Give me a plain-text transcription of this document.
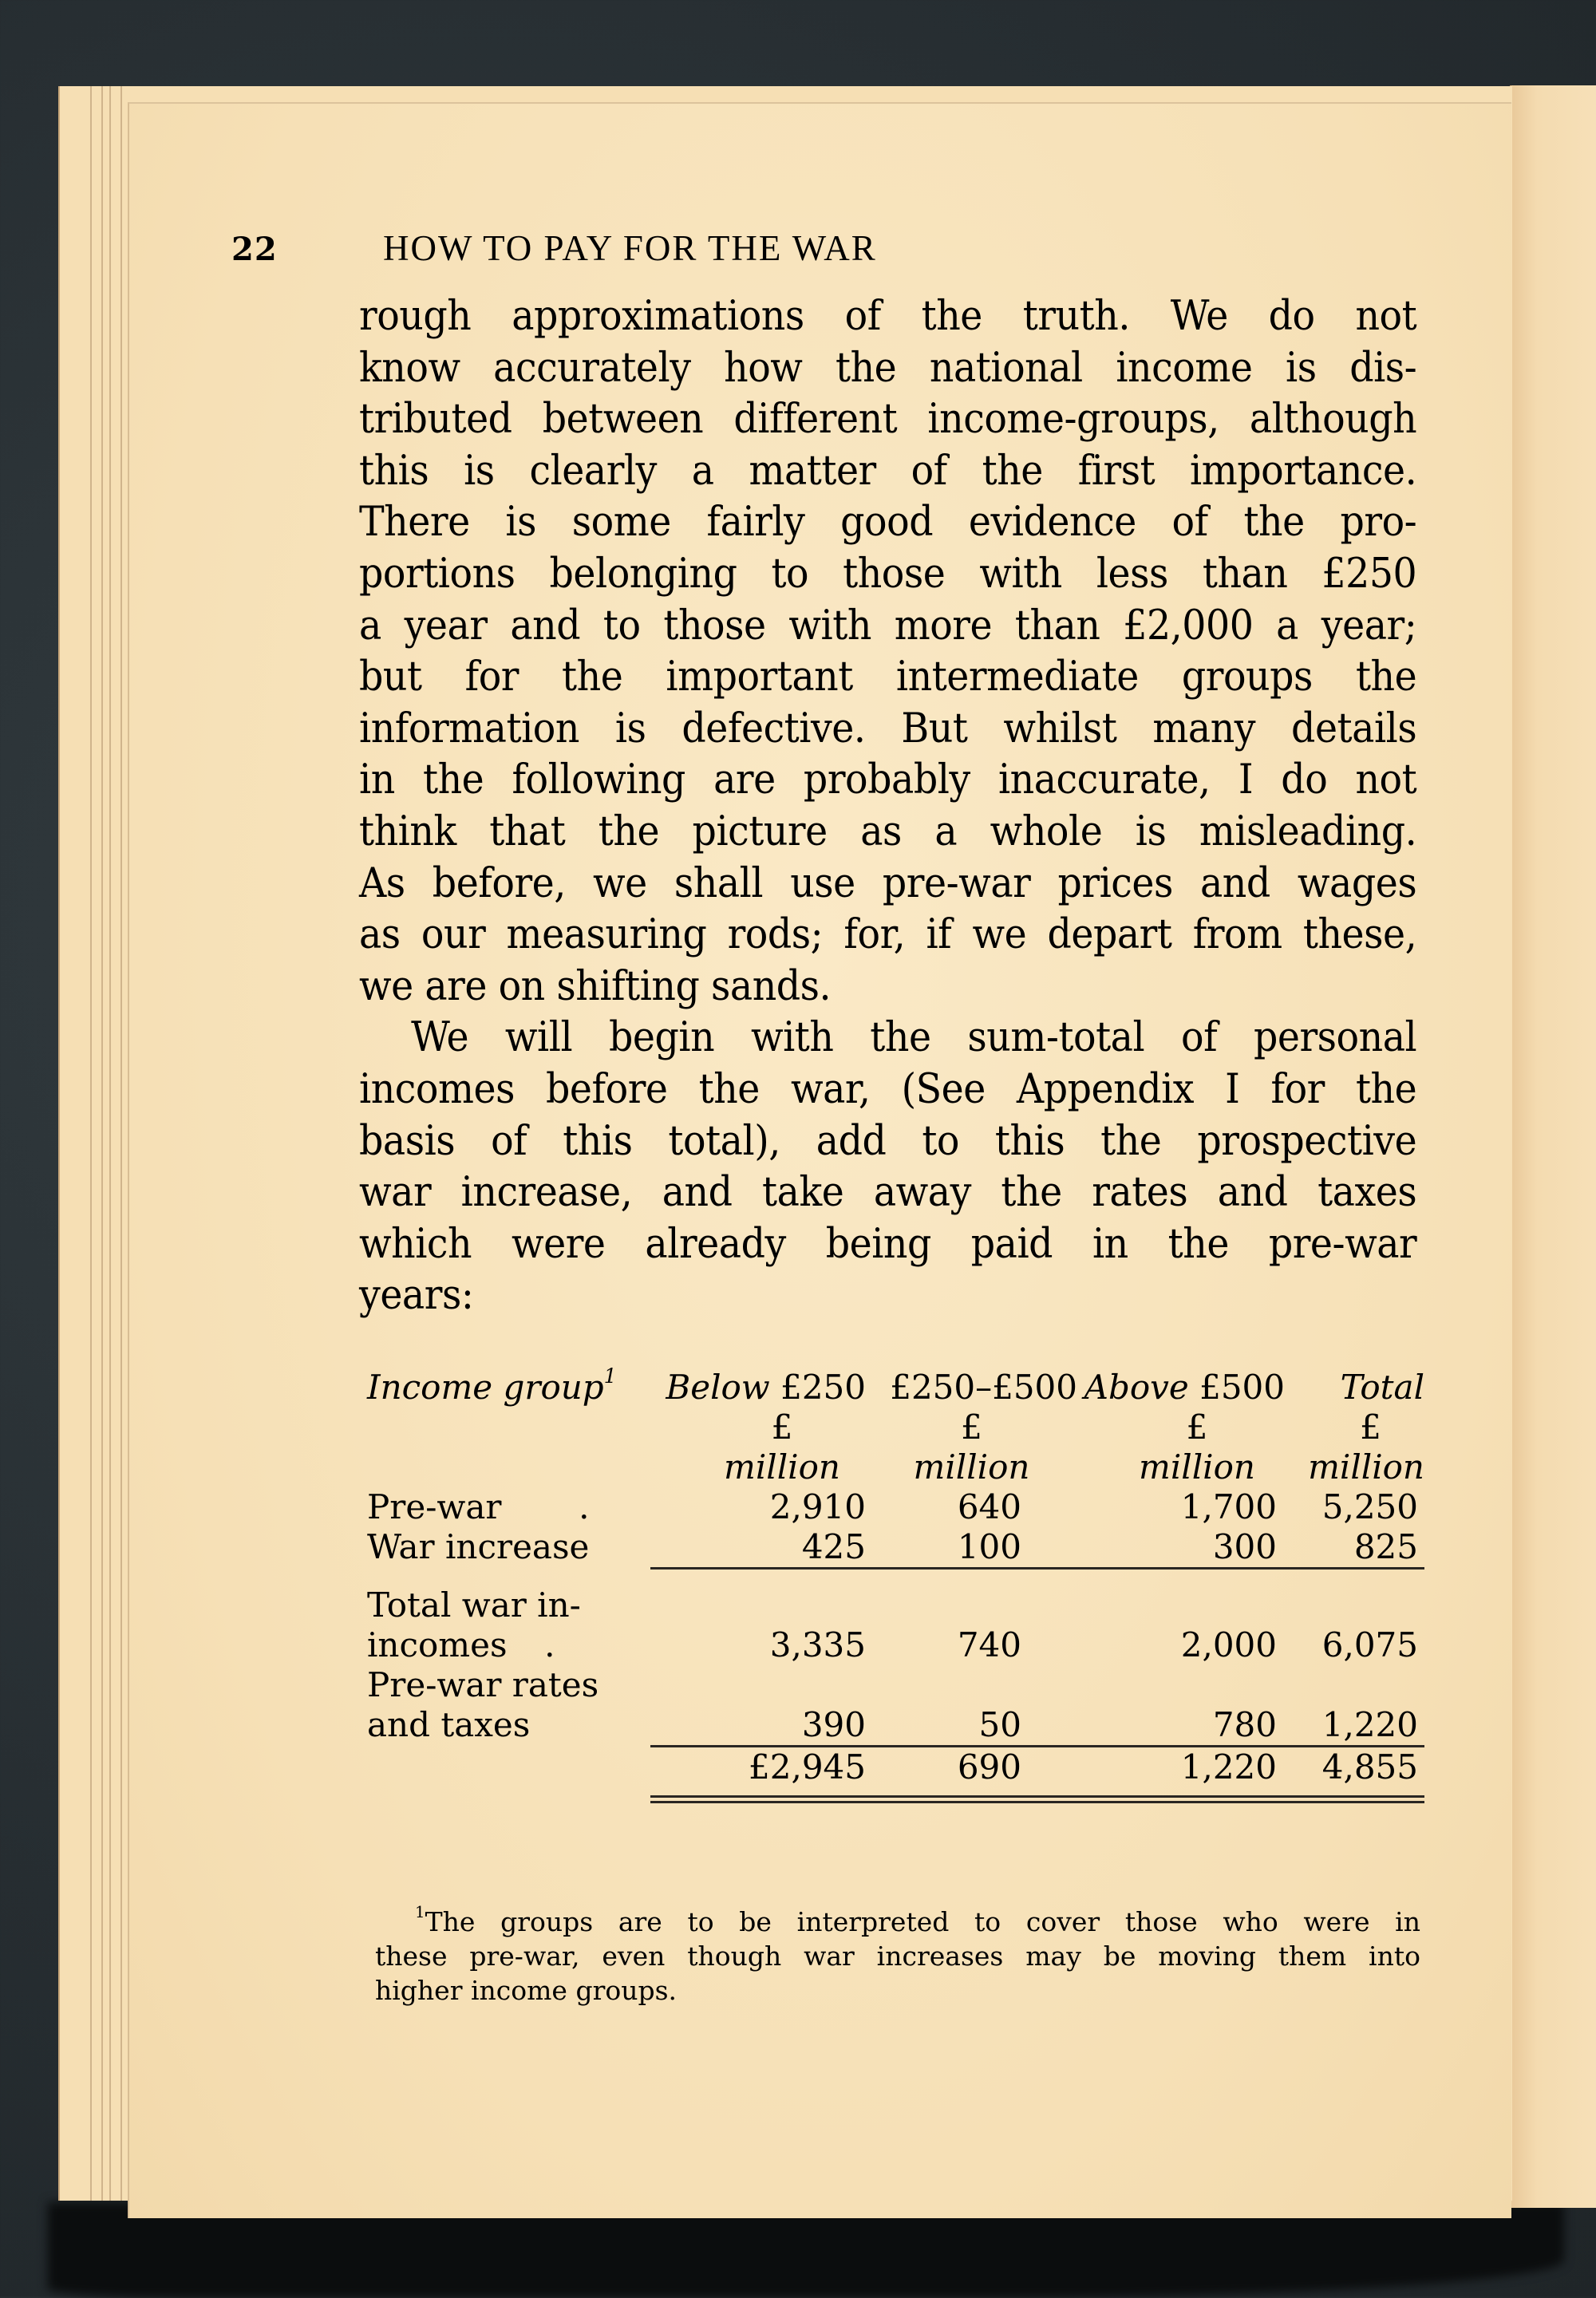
22	HOW TO PAY FOR THE WAR
rough approximations of the truth. We do not
know accurately how the national income is dis-
tributed between different income-groups, although
this is clearly a matter of the first importance.
There is some fairly good evidence of the pro-
portions belonging to those with less than £250
a year and to those with more than £2,000 a year;
but for the important intermediate groups the
information is defective. But whilst many details
in the following are probably inaccurate, I do not
think that the picture as a whole is misleading.
As before, we shall use pre-war prices and wages
as our measuring rods; for, if we depart from these,
we are on shifting sands.
We will begin with the sum-total of personal
incomes before the war, (See Appendix I for the
basis of this total), add to this the prospective
war increase, and take away the rates and taxes
which were already being paid in the pre-war
years:
Income group$^1$	Below £250	£250–£500	Above £500	Total
	£	£	£	£
	million	million	million	million
Pre-war .	2,910	640	1,700	5,250
War increase	425	100	300	825

Total war in-				
incomes .	3,335	740	2,000	6,075
Pre-war rates				
and taxes	390	50	780	1,220

	£2,945	690	1,220	4,855

$^1$The groups are to be interpreted to cover those who were in
these pre-war, even though war increases may be moving them into
higher income groups.
